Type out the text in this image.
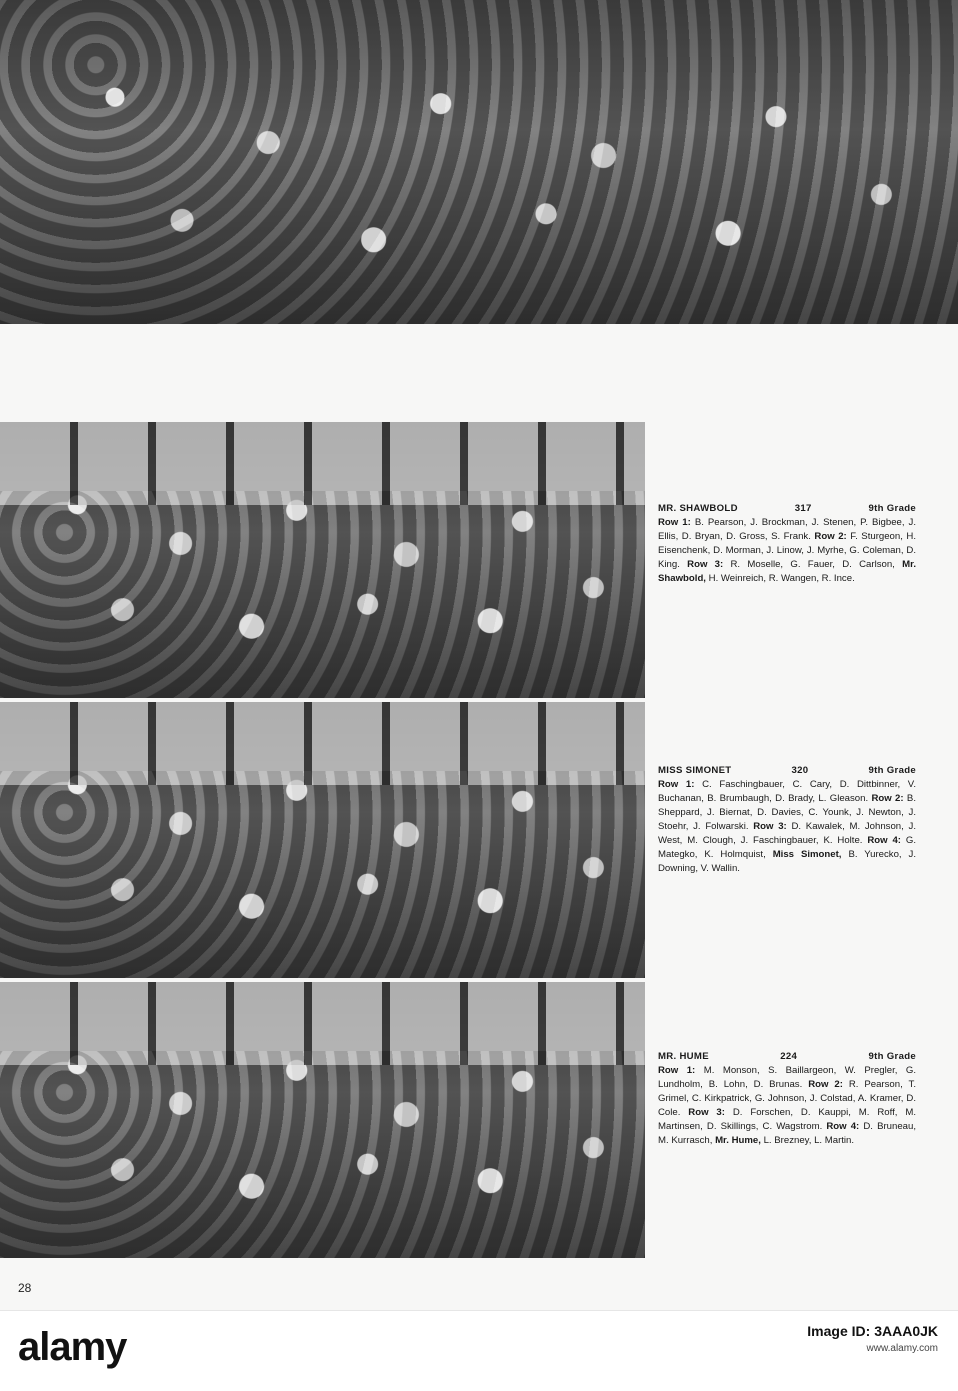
MR. SHAWBOLD	317	9th Grade

Row 1: B. Pearson, J. Brockman, J. Stenen, P. Bigbee, J. Ellis, D. Bryan, D. Gross, S. Frank. Row 2: F. Sturgeon, H. Eisenchenk, D. Morman, J. Linow, J. Myrhe, G. Coleman, D. King. Row 3: R. Moselle, G. Fauer, D. Carlson, Mr. Shawbold, H. Weinreich, R. Wangen, R. Ince.

MISS SIMONET	320	9th Grade

Row 1: C. Faschingbauer, C. Cary, D. Dittbinner, V. Buchanan, B. Brumbaugh, D. Brady, L. Gleason. Row 2: B. Sheppard, J. Biernat, D. Davies, C. Younk, J. Newton, J. Stoehr, J. Folwarski. Row 3: D. Kawalek, M. Johnson, J. West, M. Clough, J. Faschingbauer, K. Holte. Row 4: G. Mategko, K. Holmquist, Miss Simonet, B. Yurecko, J. Downing, V. Wallin.

MR. HUME	224	9th Grade

Row 1: M. Monson, S. Baillargeon, W. Pregler, G. Lundholm, B. Lohn, D. Brunas. Row 2: R. Pearson, T. Grimel, C. Kirkpatrick, G. Johnson, J. Colstad, A. Kramer, D. Cole. Row 3: D. Forschen, D. Kauppi, M. Roff, M. Martinsen, D. Skillings, C. Wagstrom. Row 4: D. Bruneau, M. Kurrasch, Mr. Hume, L. Brezney, L. Martin.

28
alamy	Image ID: 3AAA0JK
www.alamy.com
